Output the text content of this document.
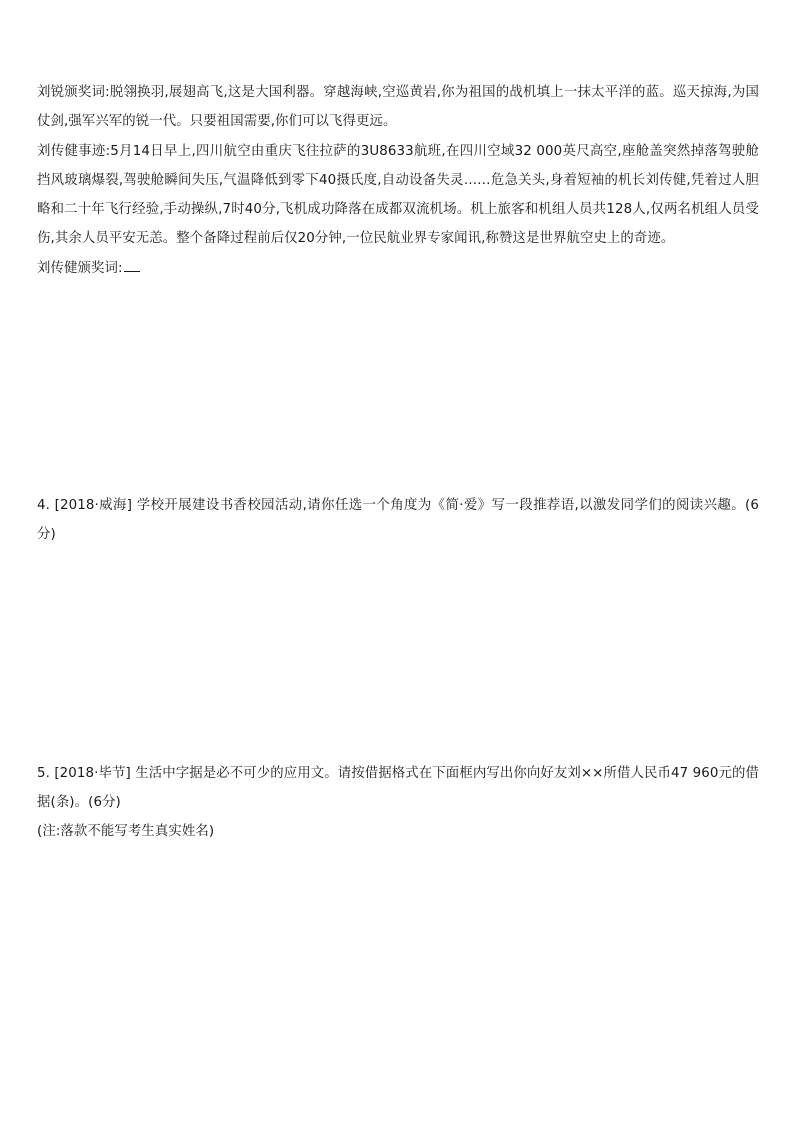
刘锐颁奖词:脱翎换羽,展翅高飞,这是大国利器。穿越海峡,空巡黄岩,你为祖国的战机填上一抹太平洋的蓝。巡天掠海,为国仗剑,强军兴军的锐一代。只要祖国需要,你们可以飞得更远。

刘传健事迹:5月14日早上,四川航空由重庆飞往拉萨的3U8633航班,在四川空域32 000英尺高空,座舱盖突然掉落驾驶舱挡风玻璃爆裂,驾驶舱瞬间失压,气温降低到零下40摄氏度,自动设备失灵……危急关头,身着短袖的机长刘传健,凭着过人胆略和二十年飞行经验,手动操纵,7时40分,飞机成功降落在成都双流机场。机上旅客和机组人员共128人,仅两名机组人员受伤,其余人员平安无恙。整个备降过程前后仅20分钟,一位民航业界专家闻讯,称赞这是世界航空史上的奇迹。

刘传健颁奖词:

4. [2018·威海] 学校开展建设书香校园活动,请你任选一个角度为《简·爱》写一段推荐语,以激发同学们的阅读兴趣。(6分)

5. [2018·毕节] 生活中字据是必不可少的应用文。请按借据格式在下面框内写出你向好友刘××所借人民币47 960元的借据(条)。(6分)

(注:落款不能写考生真实姓名)
